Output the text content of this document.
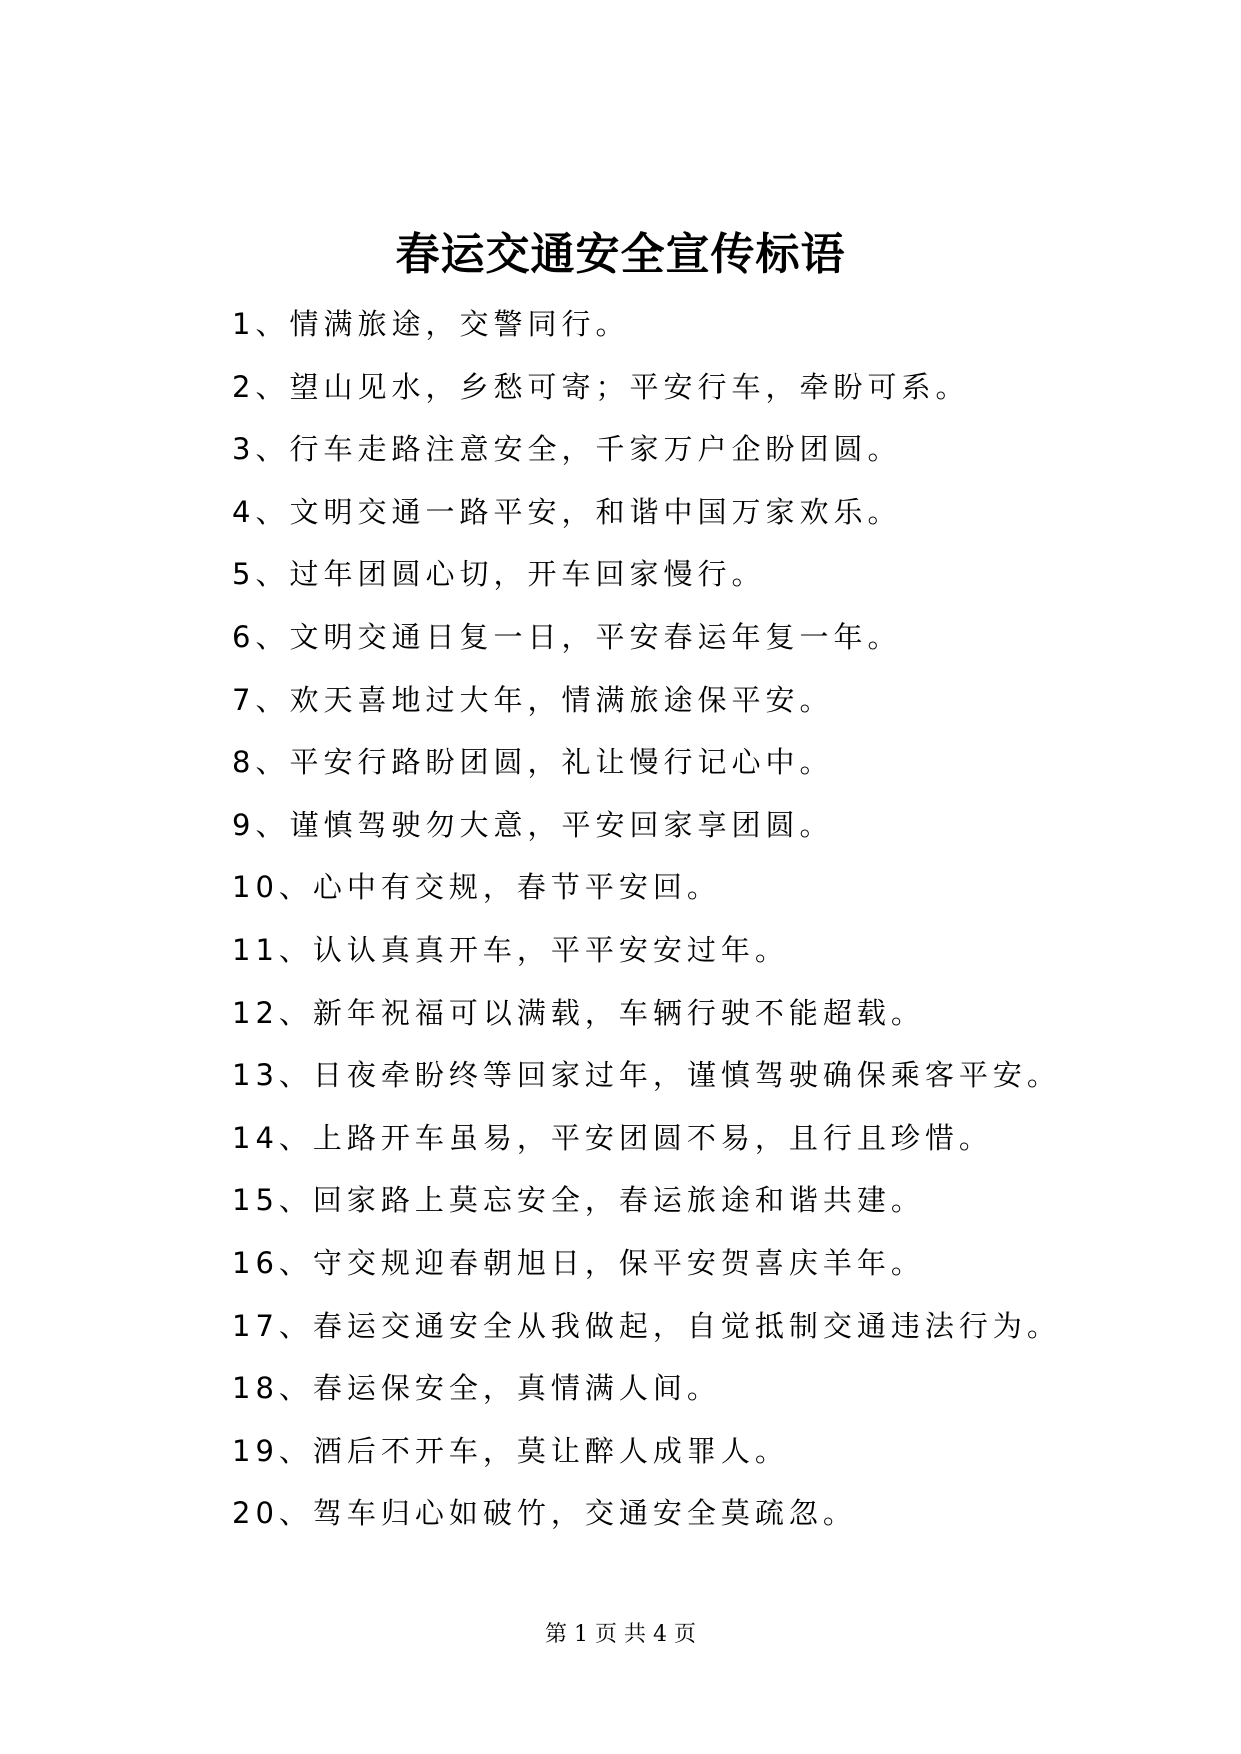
春运交通安全宣传标语
1、情满旅途，交警同行。
2、望山见水，乡愁可寄；平安行车，牵盼可系。
3、行车走路注意安全，千家万户企盼团圆。
4、文明交通一路平安，和谐中国万家欢乐。
5、过年团圆心切，开车回家慢行。
6、文明交通日复一日，平安春运年复一年。
7、欢天喜地过大年，情满旅途保平安。
8、平安行路盼团圆，礼让慢行记心中。
9、谨慎驾驶勿大意，平安回家享团圆。
10、心中有交规，春节平安回。
11、认认真真开车，平平安安过年。
12、新年祝福可以满载，车辆行驶不能超载。
13、日夜牵盼终等回家过年，谨慎驾驶确保乘客平安。
14、上路开车虽易，平安团圆不易，且行且珍惜。
15、回家路上莫忘安全，春运旅途和谐共建。
16、守交规迎春朝旭日，保平安贺喜庆羊年。
17、春运交通安全从我做起，自觉抵制交通违法行为。
18、春运保安全，真情满人间。
19、酒后不开车，莫让醉人成罪人。
20、驾车归心如破竹，交通安全莫疏忽。
第 1 页 共 4 页
